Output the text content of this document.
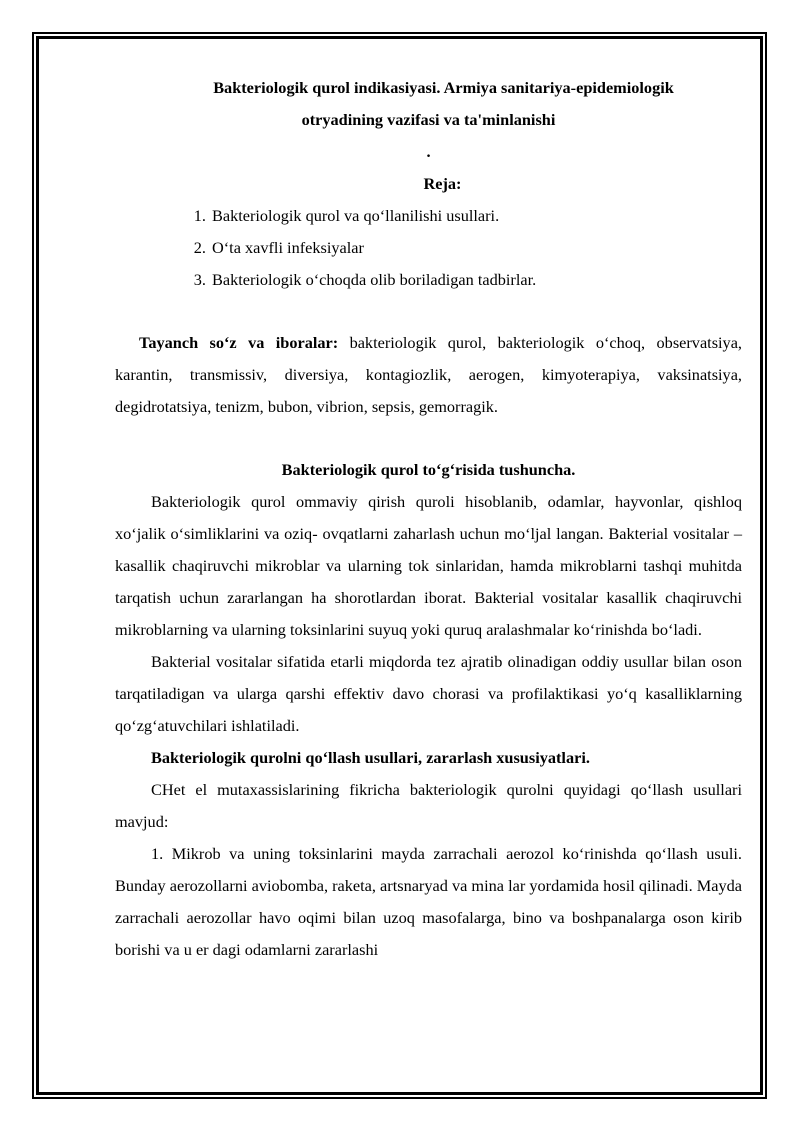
Bakteriologik qurol indikasiyasi. Armiya sanitariya-epidemiologik

otryadining vazifasi va ta'minlanishi

.

Reja:

1. Bakteriologik qurol va qo‘llanilishi usullari.
2. O‘ta xavfli infeksiyalar
3. Bakteriologik o‘choqda olib boriladigan tadbirlar.

Tayanch so‘z va iboralar: bakteriologik qurol, bakteriologik o‘choq, observatsiya, karantin, transmissiv, diversiya, kontagiozlik, aerogen, kimyoterapiya, vaksinatsiya, degidrotatsiya, tenizm, bubon, vibrion, sepsis, gemorragik.

Bakteriologik qurol to‘g‘risida tushuncha.

Bakteriologik qurol ommaviy qirish quroli hisoblanib, odamlar, hayvonlar, qishloq xo‘jalik o‘simliklarini va oziq- ovqatlarni zaharlash uchun mo‘ljal langan. Bakterial vositalar – kasallik chaqiruvchi mikroblar va ularning tok sinlaridan, hamda mikroblarni tashqi muhitda tarqatish uchun zararlangan ha shorotlardan iborat. Bakterial vositalar kasallik chaqiruvchi mikroblarning va ularning toksinlarini suyuq yoki quruq aralashmalar ko‘rinishda bo‘ladi.

Bakterial vositalar sifatida etarli miqdorda tez ajratib olinadigan oddiy usullar bilan oson tarqatiladigan va ularga qarshi effektiv davo chorasi va profilaktikasi yo‘q kasalliklarning qo‘zg‘atuvchilari ishlatiladi.

Bakteriologik qurolni qo‘llash usullari, zararlash xususiyatlari.

CHet el mutaxassislarining fikricha bakteriologik qurolni quyidagi qo‘llash usullari mavjud:

1. Mikrob va uning toksinlarini mayda zarrachali aerozol ko‘rinishda qo‘llash usuli. Bunday aerozollarni aviobomba, raketa, artsnaryad va mina lar yordamida hosil qilinadi. Mayda zarrachali aerozollar havo oqimi bilan uzoq masofalarga, bino va boshpanalarga oson kirib borishi va u er dagi odamlarni zararlashi
